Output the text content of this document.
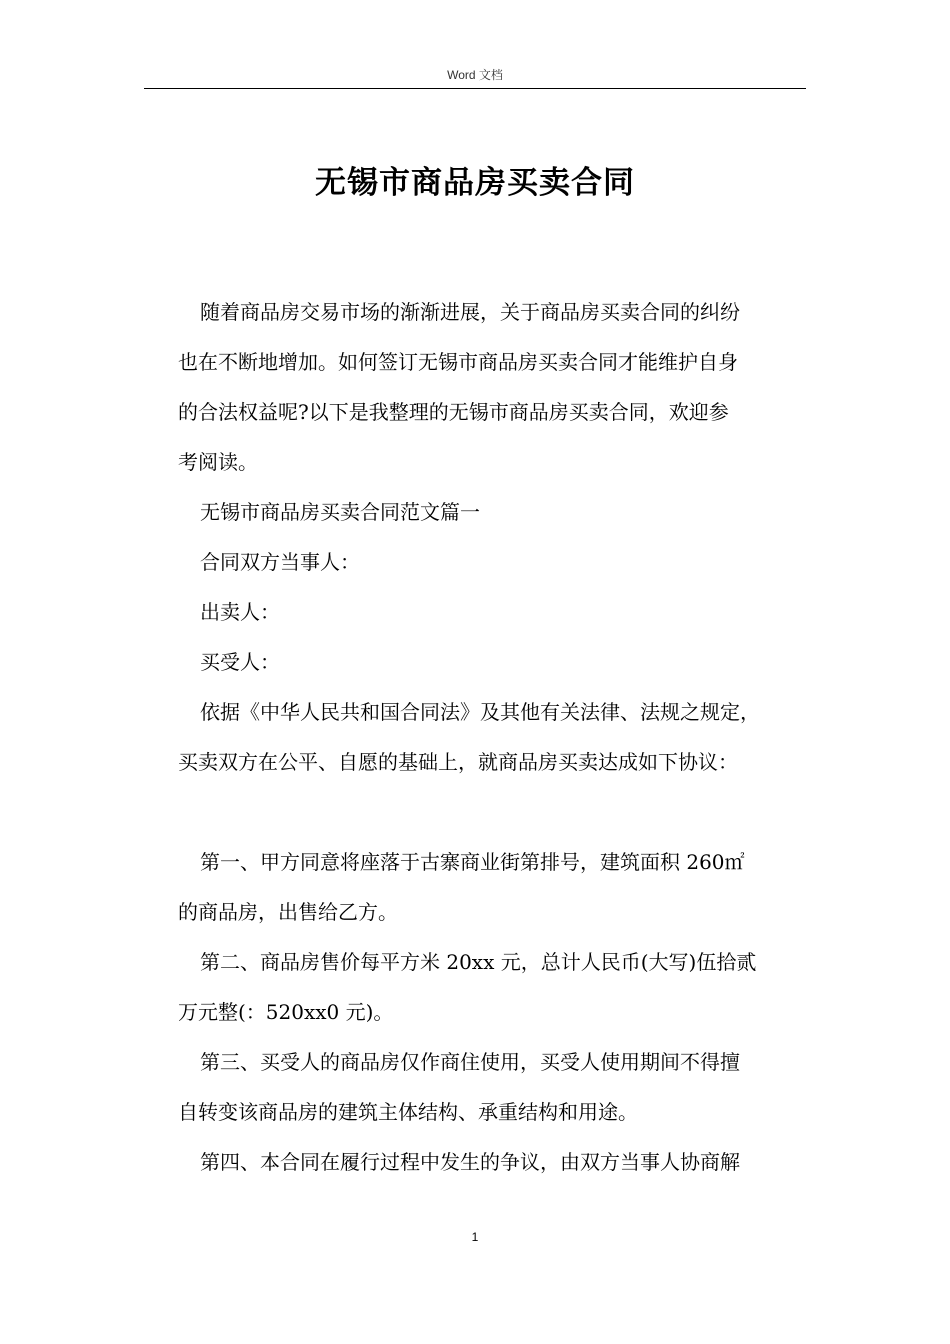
Word 文档
无锡市商品房买卖合同
随着商品房交易市场的渐渐进展，关于商品房买卖合同的纠纷
也在不断地增加。如何签订无锡市商品房买卖合同才能维护自身
的合法权益呢?以下是我整理的无锡市商品房买卖合同，欢迎参
考阅读。
无锡市商品房买卖合同范文篇一
合同双方当事人：
出卖人：
买受人：
依据《中华人民共和国合同法》及其他有关法律、法规之规定，
买卖双方在公平、自愿的基础上，就商品房买卖达成如下协议：
第一、甲方同意将座落于古寨商业街第排号，建筑面积 260㎡
的商品房，出售给乙方。
第二、商品房售价每平方米 20xx 元，总计人民币(大写)伍拾贰
万元整(：520xx0 元)。
第三、买受人的商品房仅作商住使用，买受人使用期间不得擅
自转变该商品房的建筑主体结构、承重结构和用途。
第四、本合同在履行过程中发生的争议，由双方当事人协商解
1
